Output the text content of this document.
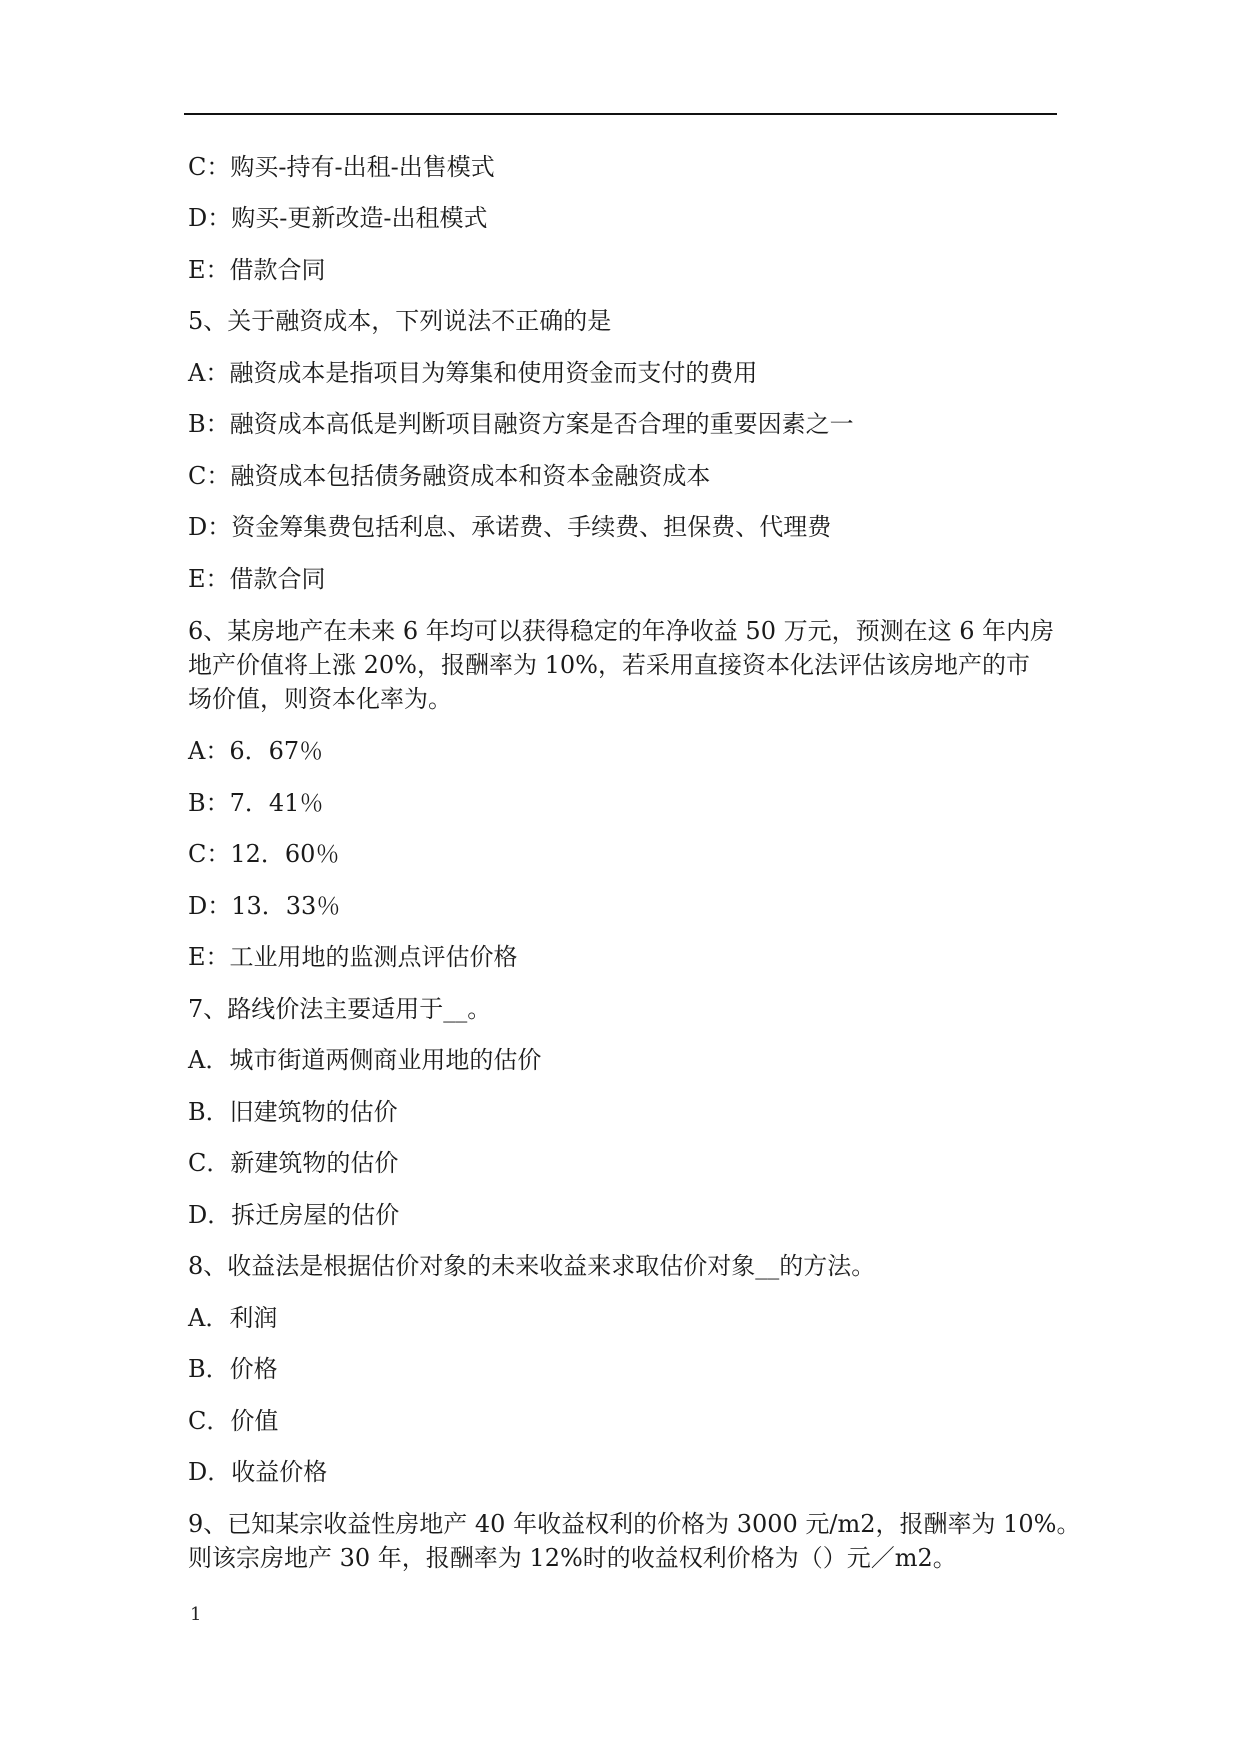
C：购买-持有-出租-出售模式
D：购买-更新改造-出租模式
E：借款合同
5、关于融资成本，下列说法不正确的是
A：融资成本是指项目为筹集和使用资金而支付的费用
B：融资成本高低是判断项目融资方案是否合理的重要因素之一
C：融资成本包括债务融资成本和资本金融资成本
D：资金筹集费包括利息、承诺费、手续费、担保费、代理费
E：借款合同
6、某房地产在未来 6 年均可以获得稳定的年净收益 50 万元，预测在这 6 年内房
地产价值将上涨 20%，报酬率为 10%，若采用直接资本化法评估该房地产的市
场价值，则资本化率为。
A：6．67％
B：7．41％
C：12．60％
D：13．33％
E：工业用地的监测点评估价格
7、路线价法主要适用于__。
A．城市街道两侧商业用地的估价
B．旧建筑物的估价
C．新建筑物的估价
D．拆迁房屋的估价
8、收益法是根据估价对象的未来收益来求取估价对象__的方法。
A．利润
B．价格
C．价值
D．收益价格
9、已知某宗收益性房地产 40 年收益权利的价格为 3000 元/m2，报酬率为 10%。
则该宗房地产 30 年，报酬率为 12%时的收益权利价格为（）元／m2。
1
